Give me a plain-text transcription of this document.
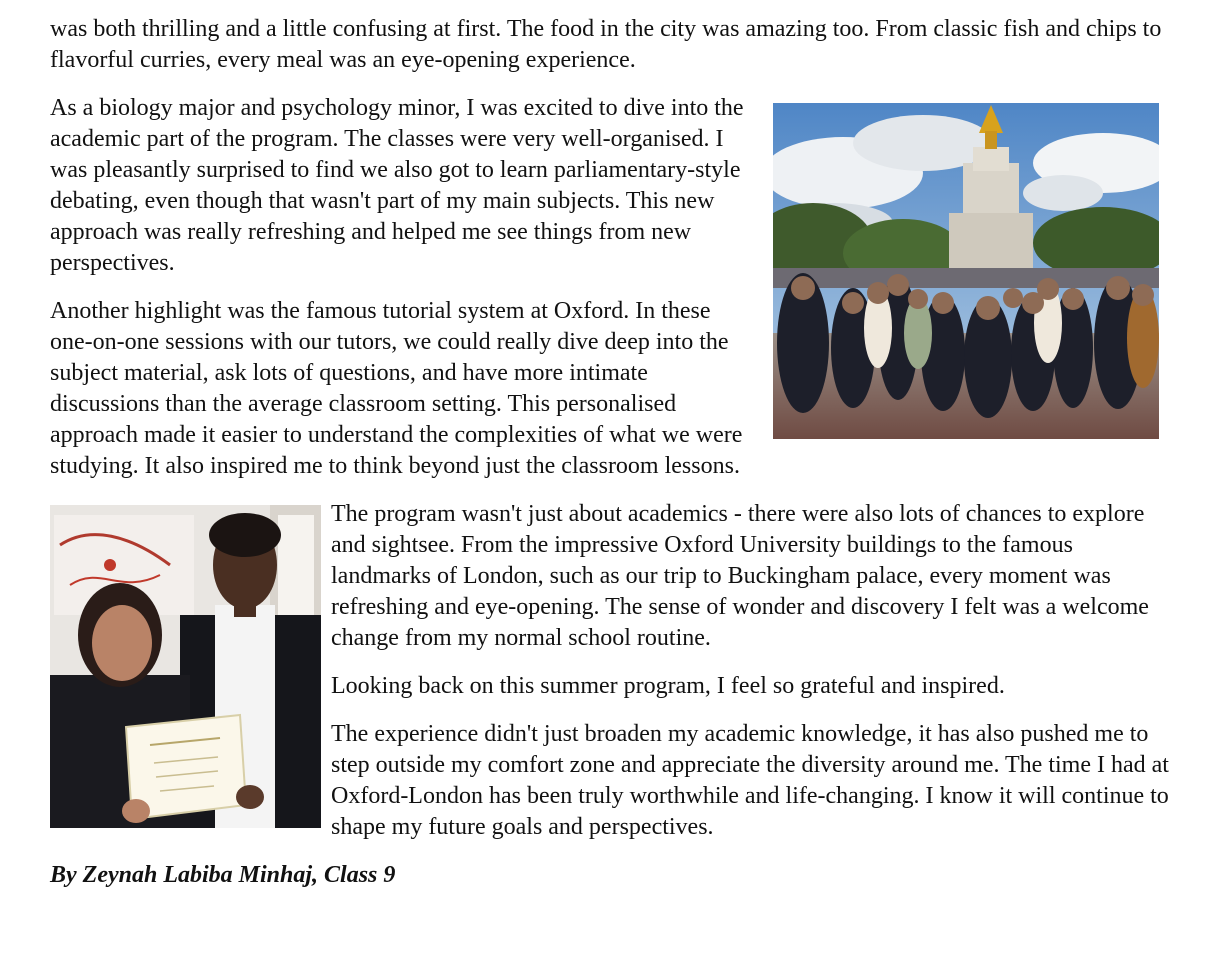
was both thrilling and a little confusing at first. The food in the city was amazing too. From classic fish and chips to flavorful curries, every meal was an eye-opening experience.

As a biology major and psychology minor, I was excited to dive into the academic part of the program. The classes were very well-organised. I was pleasantly surprised to find we also got to learn parliamentary-style debating, even though that wasn't part of my main subjects. This new approach was really refreshing and helped me see things from new perspectives.

Another highlight was the famous tutorial system at Oxford. In these one-on-one sessions with our tutors, we could really dive deep into the subject material, ask lots of questions, and have more intimate discussions than the average classroom setting. This personalised approach made it easier to understand the complexities of what we were studying. It also inspired me to think beyond just the classroom lessons.

The program wasn't just about academics - there were also lots of chances to explore and sightsee. From the impressive Oxford University buildings to the famous landmarks of London, such as our trip to Buckingham palace, every moment was refreshing and eye-opening. The sense of wonder and discovery I felt was a welcome change from my normal school routine.

Looking back on this summer program, I feel so grateful and inspired.

The experience didn't just broaden my academic knowledge, it has also pushed me to step outside my comfort zone and appreciate the diversity around me. The time I had at Oxford-London has been truly worthwhile and life-changing. I know it will continue to shape my future goals and perspectives.

By Zeynah Labiba Minhaj, Class 9
